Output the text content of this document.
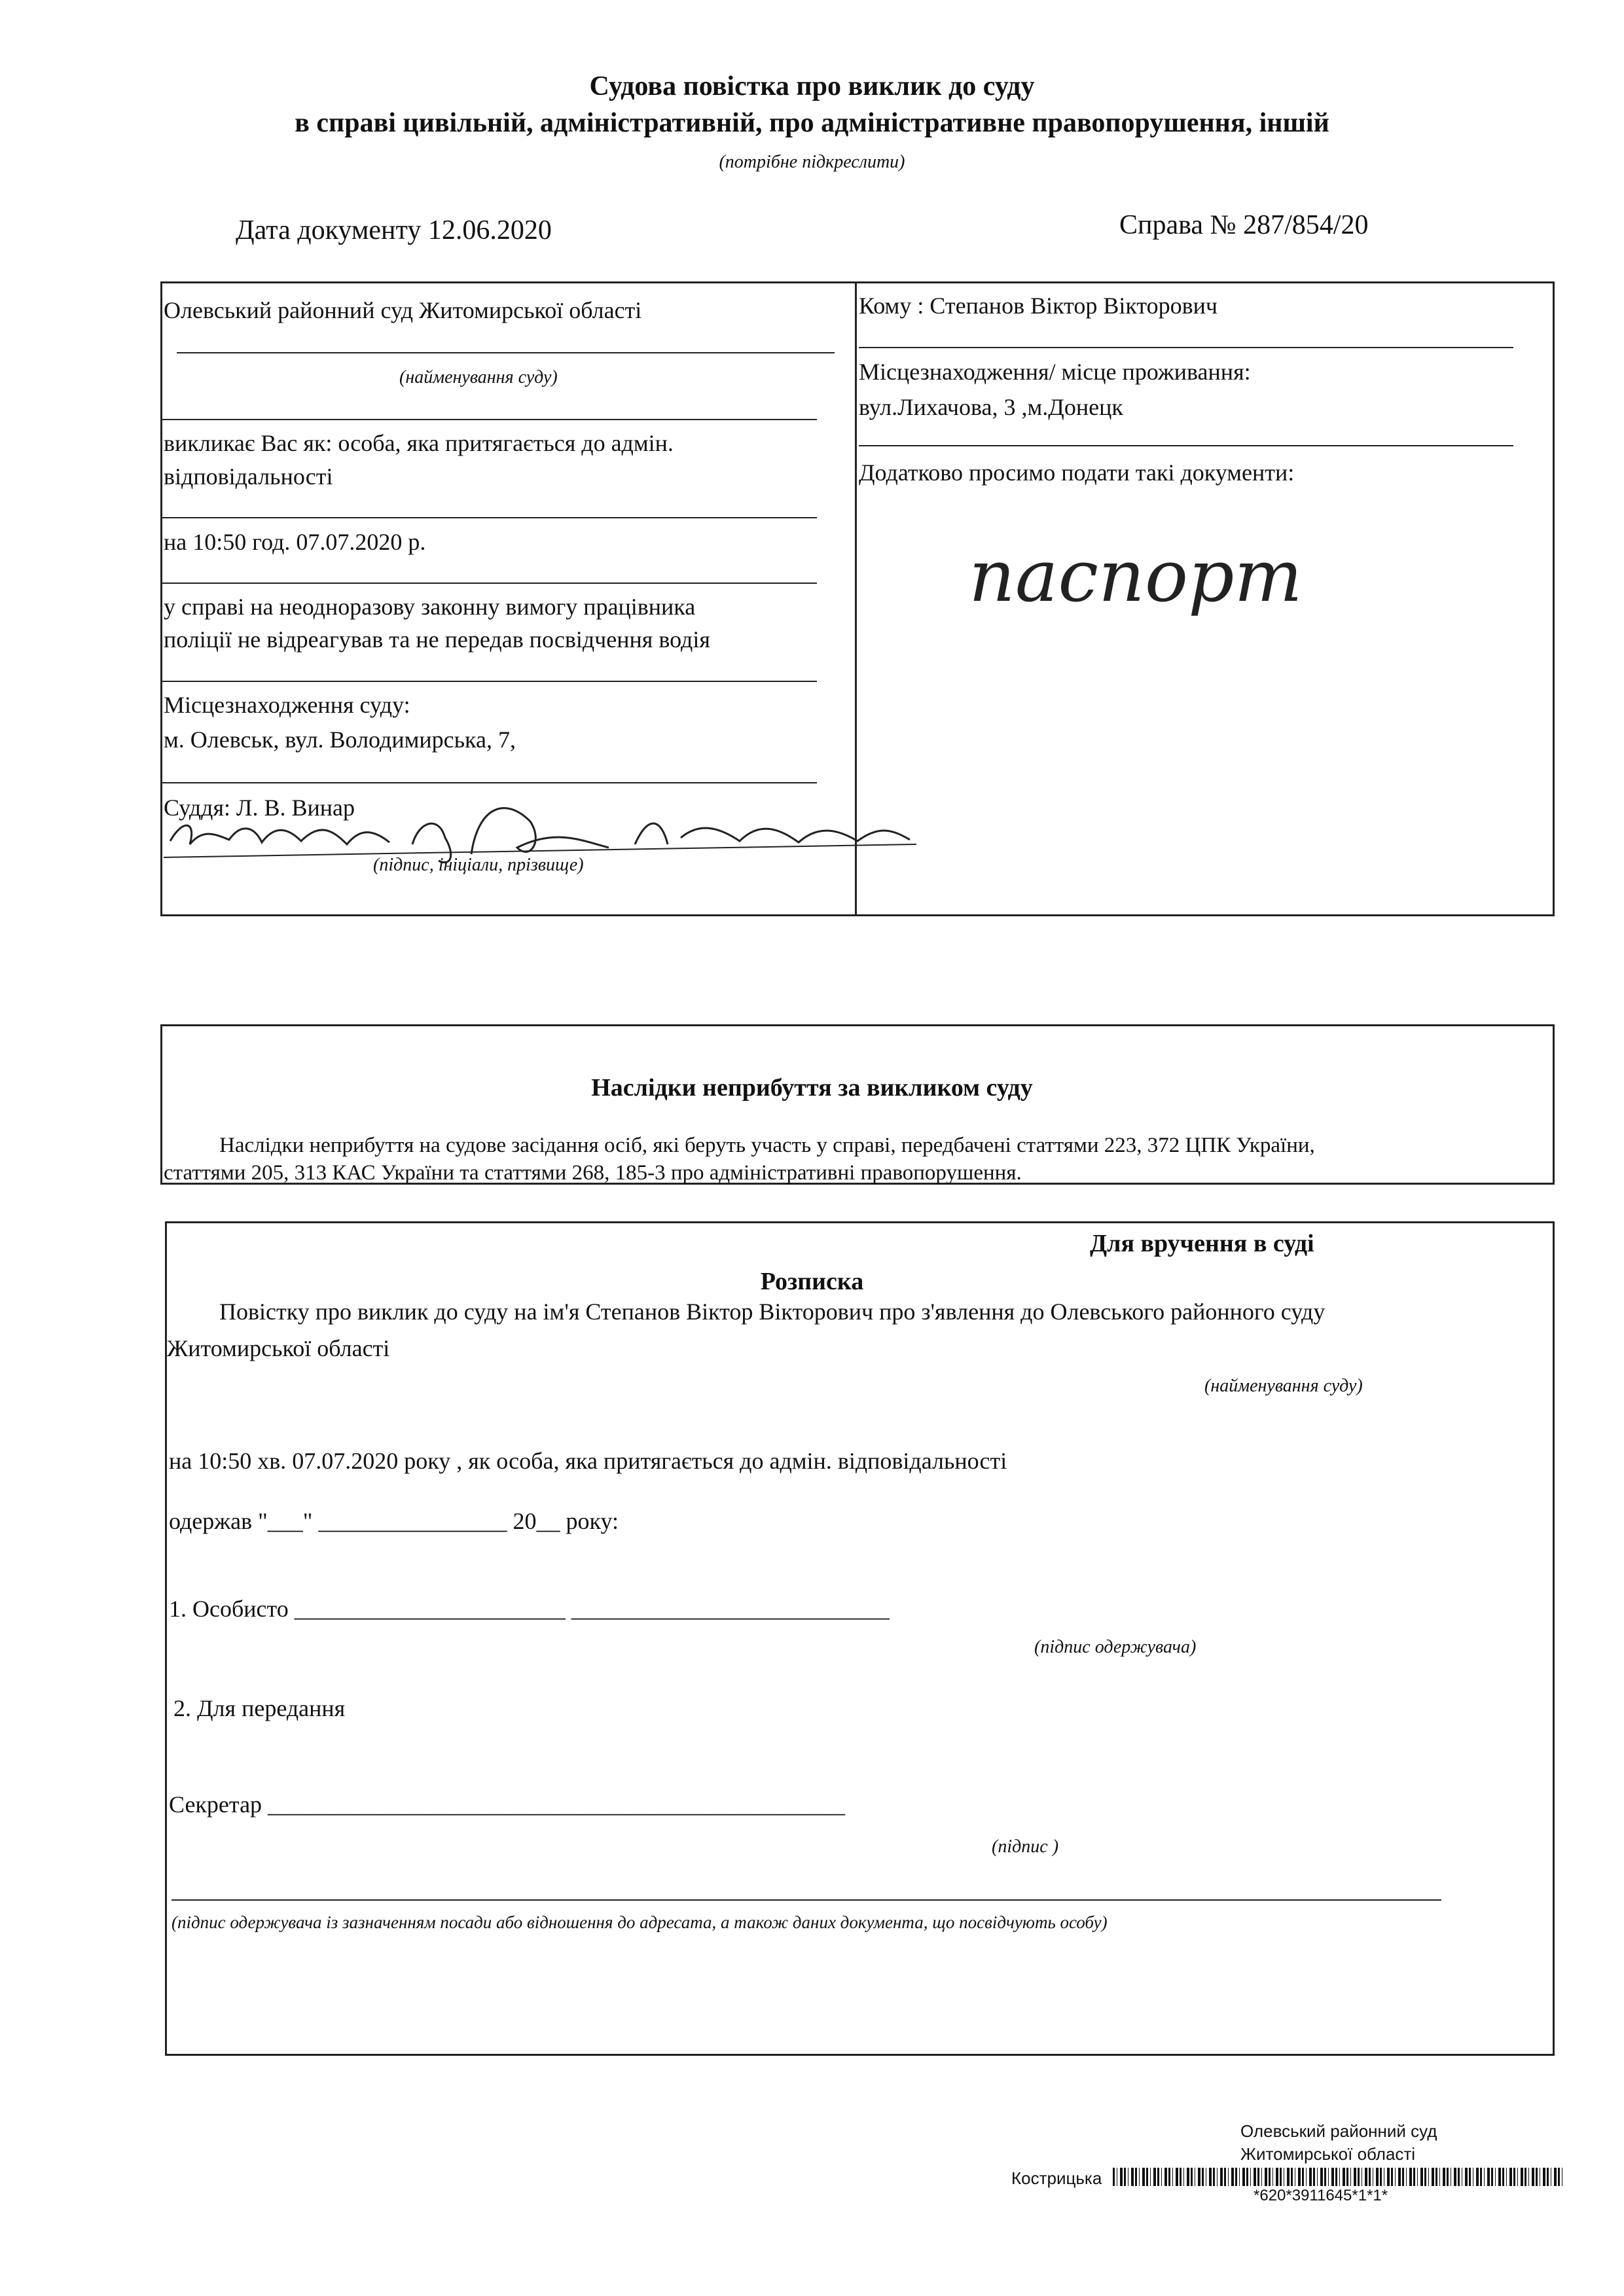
Судова повістка про виклик до суду
в справі цивільній, адміністративній, про адміністративне правопорушення, іншій
(потрібне підкреслити)
Дата документу 12.06.2020	Справа № 287/854/20
Олевський районний суд Житомирської області
(найменування суду)
викликає Вас як: особа, яка притягається до адмін.
відповідальності
на 10:50 год. 07.07.2020 р.
у справі на неодноразову законну вимогу працівника
поліції не відреагував та не передав посвідчення водія
Місцезнаходження суду:
м. Олевськ, вул. Володимирська, 7,
Суддя: Л. В. Винар
(підпис, ініціали, прізвище)
Кому : Степанов Віктор Вікторович
Місцезнаходження/ місце проживання:
вул.Лихачова, 3 ,м.Донецк
Додатково просимо подати такі документи:
паспорт
Наслідки неприбуття за викликом суду
Наслідки неприбуття на судове засідання осіб, які беруть участь у справі, передбачені статтями 223, 372 ЦПК України,
статтями 205, 313 КАС України та статтями 268, 185-3 про адміністративні правопорушення.
Для вручення в суді
Розписка
Повістку про виклик до суду на ім'я Степанов Віктор Вікторович про з'явлення до Олевського районного суду
Житомирської області
(найменування суду)
на 10:50 хв. 07.07.2020 року , як особа, яка притягається до адмін. відповідальності
одержав "___" ________________ 20__ року:
1. Особисто _______________________ ___________________________
(підпис одержувача)
2. Для передання
Секретар _________________________________________________
(підпис )
(підпис одержувача із зазначенням посади або відношення до адресата, а також даних документа, що посвідчують особу)
Олевський районний суд
Житомирської області
Кострицька
*620*3911645*1*1*
